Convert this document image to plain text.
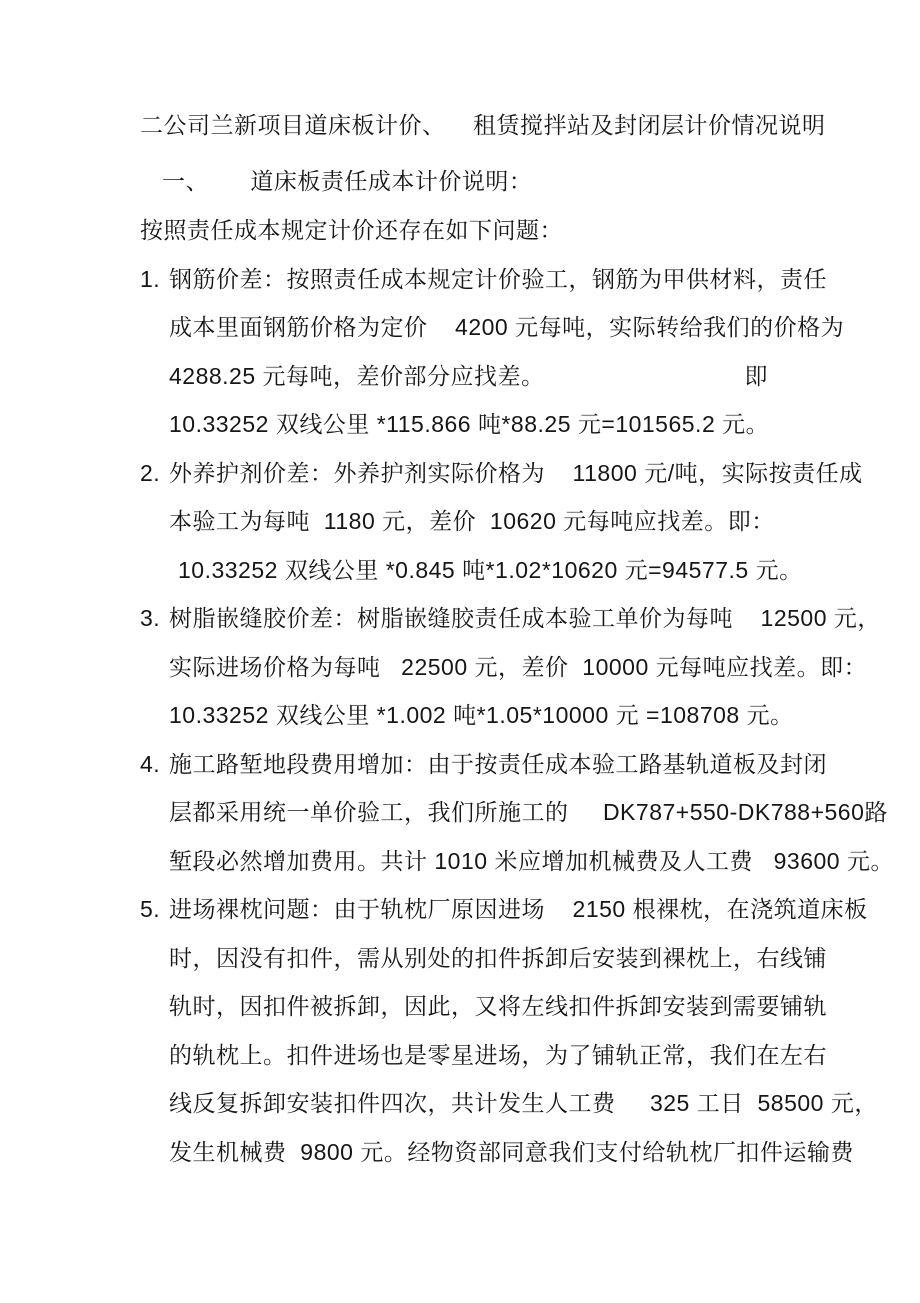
二公司兰新项目道床板计价、    租赁搅拌站及封闭层计价情况说明
一、      道床板责任成本计价说明：
按照责任成本规定计价还存在如下问题：
1. 钢筋价差：按照责任成本规定计价验工，钢筋为甲供材料，责任
成本里面钢筋价格为定价    4200 元每吨，实际转给我们的价格为
4288.25 元每吨，差价部分应找差。	即
10.33252 双线公里 *115.866 吨*88.25 元=101565.2 元。
2. 外养护剂价差：外养护剂实际价格为    11800 元/吨，实际按责任成
本验工为每吨  1180 元，差价  10620 元每吨应找差。即：
10.33252 双线公里 *0.845 吨*1.02*10620 元=94577.5 元。
3. 树脂嵌缝胶价差：树脂嵌缝胶责任成本验工单价为每吨    12500 元，
实际进场价格为每吨   22500 元，差价  10000 元每吨应找差。即：
10.33252 双线公里 *1.002 吨*1.05*10000 元 =108708 元。
4. 施工路堑地段费用增加：由于按责任成本验工路基轨道板及封闭
层都采用统一单价验工，我们所施工的     DK787+550-DK788+560路
堑段必然增加费用。共计 1010 米应增加机械费及人工费   93600 元。
5. 进场裸枕问题：由于轨枕厂原因进场    2150 根裸枕，在浇筑道床板
时，因没有扣件，需从别处的扣件拆卸后安装到裸枕上，右线铺
轨时，因扣件被拆卸，因此，又将左线扣件拆卸安装到需要铺轨
的轨枕上。扣件进场也是零星进场，为了铺轨正常，我们在左右
线反复拆卸安装扣件四次，共计发生人工费     325 工日  58500 元，
发生机械费  9800 元。经物资部同意我们支付给轨枕厂扣件运输费
